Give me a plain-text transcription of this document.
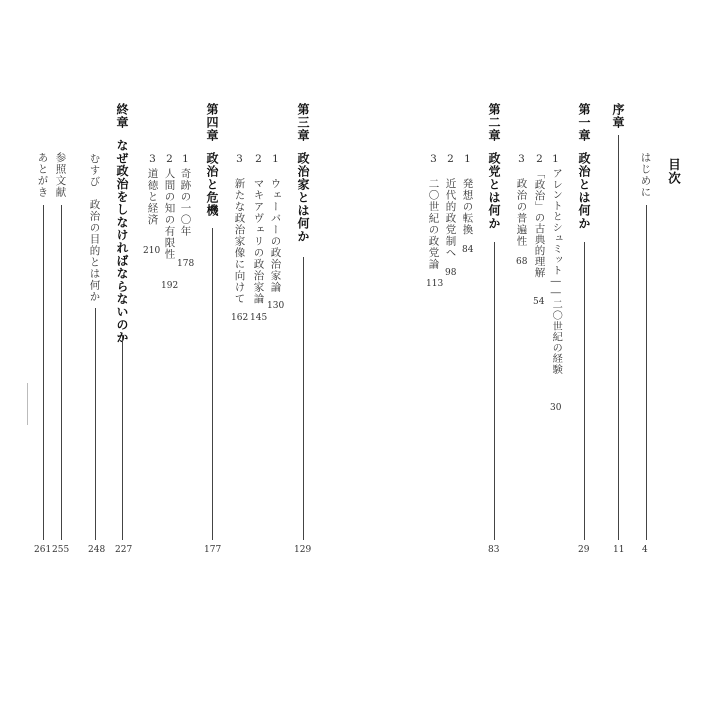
目次
はじめに
4
序章
11
第一章
政治とは何か
29
1
アレントとシュミット――二〇世紀の経験
30
2
「政治」の古典的理解
54
3
政治の普遍性
68
第二章
政党とは何か
83
1
発想の転換
84
2
近代的政党制へ
98
3
二〇世紀の政党論
113
第三章
政治家とは何か
129
1
ウェーバーの政治家論
130
2
マキアヴェリの政治家論
145
3
新たな政治家像に向けて
162
第四章
政治と危機
177
1
奇跡の一〇年
178
2
人間の知の有限性
192
3
道徳と経済
210
終章
なぜ政治をしなければならないのか
227
むすび
政治の目的とは何か
248
参照文献
255
あとがき
261
